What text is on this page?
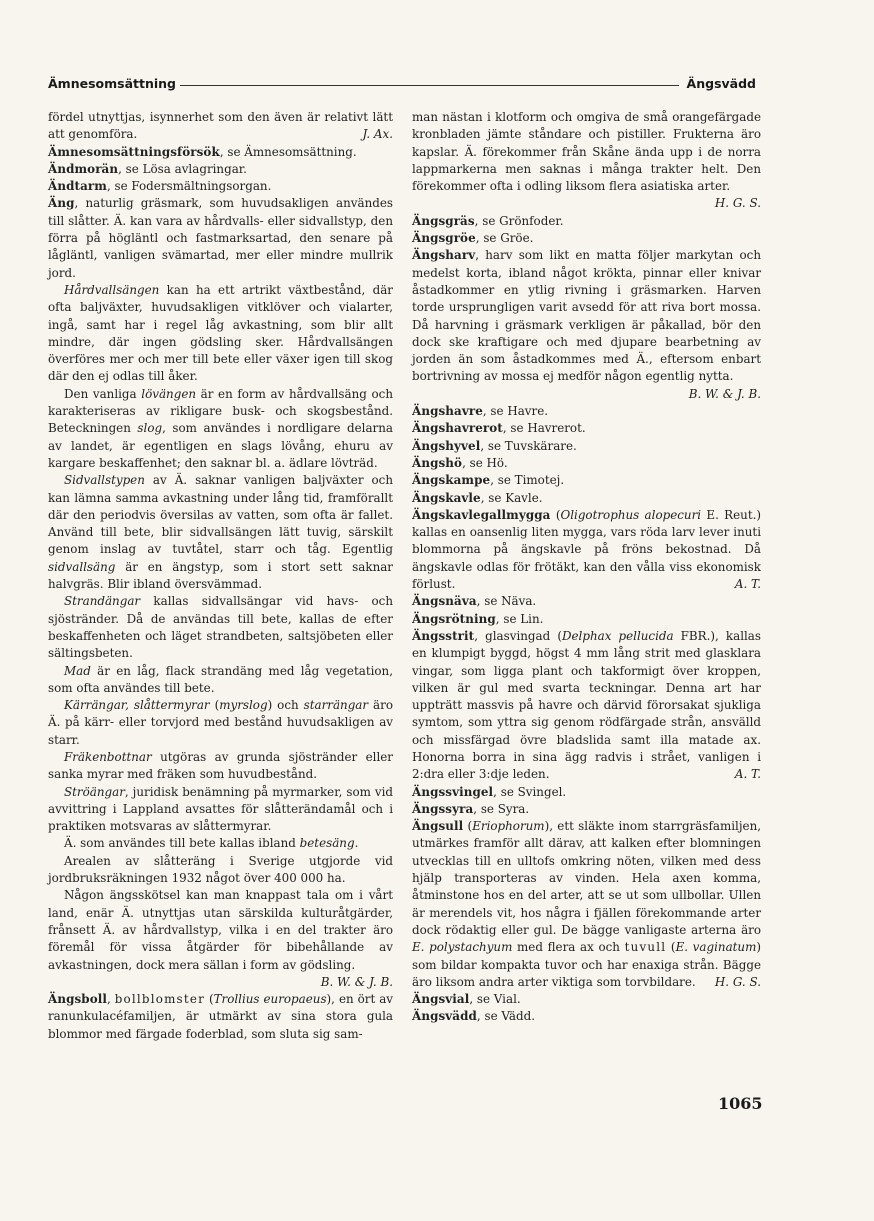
Ämnesomsättning	Ängsvädd

fördel utnyttjas, isynnerhet som den även är relativt lätt att genomföra.	J. Ax.

Ämnesomsättningsförsök, se Ämnesomsättning.

Ändmorän, se Lösa avlagringar.

Ändtarm, se Fodersmältningsorgan.

Äng, naturlig gräsmark, som huvudsakligen användes till slåtter. Ä. kan vara av hårdvalls- eller sidvallstyp, den förra på högläntl och fastmarksartad, den senare på lågläntl, vanligen svämartad, mer eller mindre mullrik jord.

Hårdvallsängen kan ha ett artrikt växtbestånd, där ofta baljväxter, huvudsakligen vitklöver och vialarter, ingå, samt har i regel låg avkastning, som blir allt mindre, där ingen gödsling sker. Hårdvallsängen överföres mer och mer till bete eller växer igen till skog där den ej odlas till åker.

Den vanliga lövängen är en form av hårdvallsäng och karakteriseras av rikligare busk- och skogsbestånd. Beteckningen slog, som användes i nordligare delarna av landet, är egentligen en slags lövång, ehuru av kargare beskaffenhet; den saknar bl. a. ädlare lövträd.

Sidvallstypen av Ä. saknar vanligen baljväxter och kan lämna samma avkastning under lång tid, framförallt där den periodvis översilas av vatten, som ofta är fallet. Använd till bete, blir sidvallsängen lätt tuvig, särskilt genom inslag av tuvtåtel, starr och tåg. Egentlig sidvallsäng är en ängstyp, som i stort sett saknar halvgräs. Blir ibland översvämmad.

Strandängar kallas sidvallsängar vid havs- och sjöstränder. Då de användas till bete, kallas de efter beskaffenheten och läget strandbeten, saltsjöbeten eller sältingsbeten.

Mad är en låg, flack strandäng med låg vegetation, som ofta användes till bete.

Kärrängar, slåttermyrar (myrslog) och starrängar äro Ä. på kärr- eller torvjord med bestånd huvudsakligen av starr.

Fräkenbottnar utgöras av grunda sjöstränder eller sanka myrar med fräken som huvudbestånd.

Ströängar, juridisk benämning på myrmarker, som vid avvittring i Lappland avsattes för slåtterändamål och i praktiken motsvaras av slåttermyrar.

Ä. som användes till bete kallas ibland betesäng.

Arealen av slåtteräng i Sverige utgjorde vid jordbruksräkningen 1932 något över 400 000 ha.

Någon ängsskötsel kan man knappast tala om i vårt land, enär Ä. utnyttjas utan särskilda kulturåtgärder, frånsett Ä. av hårdvallstyp, vilka i en del trakter äro föremål för vissa åtgärder för bibehållande av avkastningen, dock mera sällan i form av gödsling.
B. W. & J. B.

Ängsboll, bollblomster (Trollius europaeus), en ört av ranunkulacéfamiljen, är utmärkt av sina stora gula blommor med färgade foderblad, som sluta sig sam-

man nästan i klotform och omgiva de små orangefärgade kronbladen jämte ståndare och pistiller. Frukterna äro kapslar. Ä. förekommer från Skåne ända upp i de norra lappmarkerna men saknas i många trakter helt. Den förekommer ofta i odling liksom flera asiatiska arter.
H. G. S.

Ängsgräs, se Grönfoder.

Ängsgröe, se Gröe.

Ängsharv, harv som likt en matta följer markytan och medelst korta, ibland något krökta, pinnar eller knivar åstadkommer en ytlig rivning i gräsmarken. Harven torde ursprungligen varit avsedd för att riva bort mossa. Då harvning i gräsmark verkligen är påkallad, bör den dock ske kraftigare och med djupare bearbetning av jorden än som åstadkommes med Ä., eftersom enbart bortrivning av mossa ej medför någon egentlig nytta.
B. W. & J. B.

Ängshavre, se Havre.

Ängshavrerot, se Havrerot.

Ängshyvel, se Tuvskärare.

Ängshö, se Hö.

Ängskampe, se Timotej.

Ängskavle, se Kavle.

Ängskavlegallmygga (Oligotrophus alopecuri E. Reut.) kallas en oansenlig liten mygga, vars röda larv lever inuti blommorna på ängskavle på fröns bekostnad. Då ängskavle odlas för frötäkt, kan den vålla viss ekonomisk förlust.	A. T.

Ängsnäva, se Näva.

Ängsrötning, se Lin.

Ängsstrit, glasvingad (Delphax pellucida FBR.), kallas en klumpigt byggd, högst 4 mm lång strit med glasklara vingar, som ligga plant och takformigt över kroppen, vilken är gul med svarta teckningar. Denna art har uppträtt massvis på havre och därvid förorsakat sjukliga symtom, som yttra sig genom rödfärgade strån, ansvälld och missfärgad övre bladslida samt illa matade ax. Honorna borra in sina ägg radvis i strået, vanligen i 2:dra eller 3:dje leden.	A. T.

Ängssvingel, se Svingel.

Ängssyra, se Syra.

Ängsull (Eriophorum), ett släkte inom starrgräsfamiljen, utmärkes framför allt därav, att kalken efter blomningen utvecklas till en ulltofs omkring nöten, vilken med dess hjälp transporteras av vinden. Hela axen komma, åtminstone hos en del arter, att se ut som ullbollar. Ullen är merendels vit, hos några i fjällen förekommande arter dock rödaktig eller gul. De bägge vanligaste arterna äro E. polystachyum med flera ax och tuvull (E. vaginatum) som bildar kompakta tuvor och har enaxiga strån. Bägge äro liksom andra arter viktiga som torvbildare. H. G. S.

Ängsvial, se Vial.

Ängsvädd, se Vädd.

1065
